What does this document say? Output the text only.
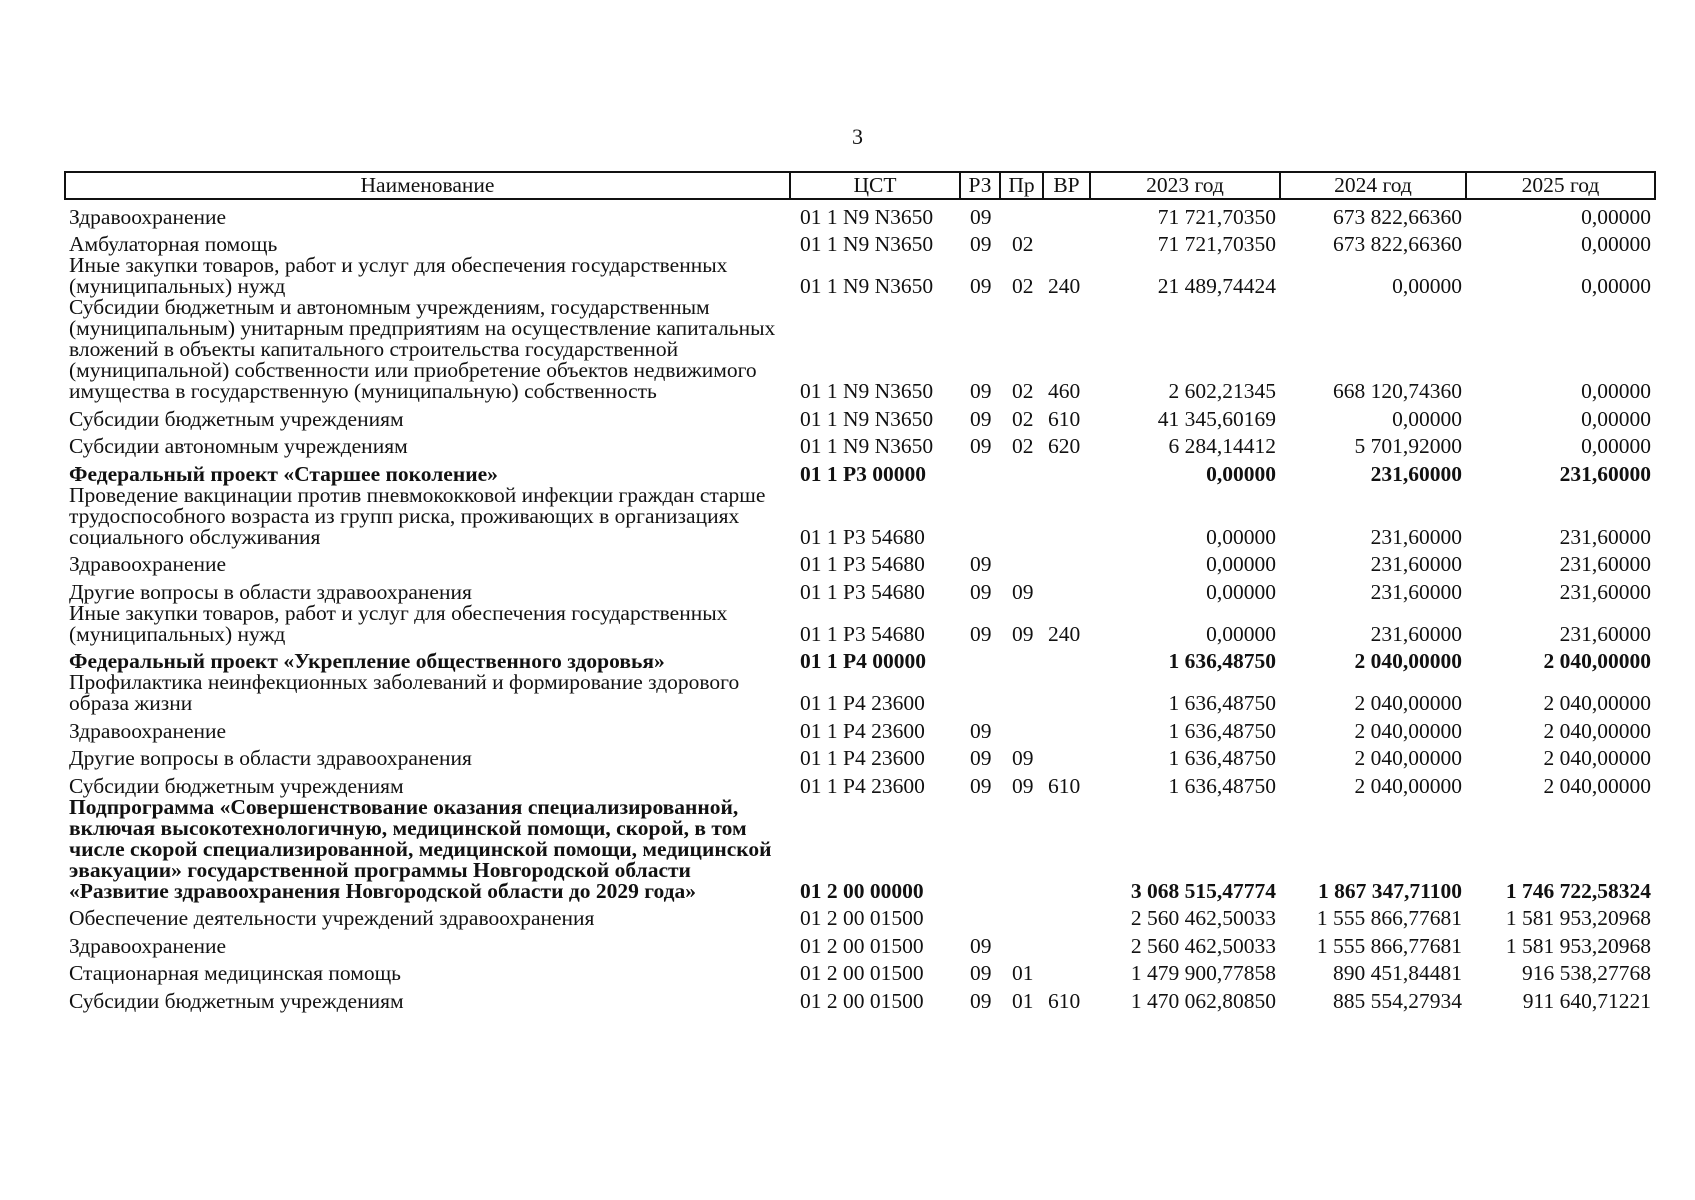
3
Наименование	ЦСТ	РЗ	Пр	ВР	2023 год	2024 год	2025 год
Здравоохранение	01 1 N9 N3650	09			71 721,70350	673 822,66360	0,00000
Амбулаторная помощь	01 1 N9 N3650	09	02		71 721,70350	673 822,66360	0,00000
Иные закупки товаров, работ и услуг для обеспечения государственных (муниципальных) нужд	01 1 N9 N3650	09	02	240	21 489,74424	0,00000	0,00000
Субсидии бюджетным и автономным учреждениям, государственным (муниципальным) унитарным предприятиям на осуществление капитальных вложений в объекты капитального строительства государственной (муниципальной) собственности или приобретение объектов недвижимого имущества в государственную (муниципальную) собственность	01 1 N9 N3650	09	02	460	2 602,21345	668 120,74360	0,00000
Субсидии бюджетным учреждениям	01 1 N9 N3650	09	02	610	41 345,60169	0,00000	0,00000
Субсидии автономным учреждениям	01 1 N9 N3650	09	02	620	6 284,14412	5 701,92000	0,00000
Федеральный проект «Старшее поколение»	01 1 P3 00000				0,00000	231,60000	231,60000
Проведение вакцинации против пневмококковой инфекции граждан старше трудоспособного возраста из групп риска, проживающих в организациях социального обслуживания	01 1 P3 54680				0,00000	231,60000	231,60000
Здравоохранение	01 1 P3 54680	09			0,00000	231,60000	231,60000
Другие вопросы в области здравоохранения	01 1 P3 54680	09	09		0,00000	231,60000	231,60000
Иные закупки товаров, работ и услуг для обеспечения государственных (муниципальных) нужд	01 1 P3 54680	09	09	240	0,00000	231,60000	231,60000
Федеральный проект «Укрепление общественного здоровья»	01 1 P4 00000				1 636,48750	2 040,00000	2 040,00000
Профилактика неинфекционных заболеваний и формирование здорового образа жизни	01 1 P4 23600				1 636,48750	2 040,00000	2 040,00000
Здравоохранение	01 1 P4 23600	09			1 636,48750	2 040,00000	2 040,00000
Другие вопросы в области здравоохранения	01 1 P4 23600	09	09		1 636,48750	2 040,00000	2 040,00000
Субсидии бюджетным учреждениям	01 1 P4 23600	09	09	610	1 636,48750	2 040,00000	2 040,00000
Подпрограмма «Совершенствование оказания специализированной, включая высокотехнологичную, медицинской помощи, скорой, в том числе скорой специализированной, медицинской помощи, медицинской эвакуации» государственной программы Новгородской области «Развитие здравоохранения Новгородской области до 2029 года»	01 2 00 00000				3 068 515,47774	1 867 347,71100	1 746 722,58324
Обеспечение деятельности учреждений здравоохранения	01 2 00 01500				2 560 462,50033	1 555 866,77681	1 581 953,20968
Здравоохранение	01 2 00 01500	09			2 560 462,50033	1 555 866,77681	1 581 953,20968
Стационарная медицинская помощь	01 2 00 01500	09	01		1 479 900,77858	890 451,84481	916 538,27768
Субсидии бюджетным учреждениям	01 2 00 01500	09	01	610	1 470 062,80850	885 554,27934	911 640,71221
